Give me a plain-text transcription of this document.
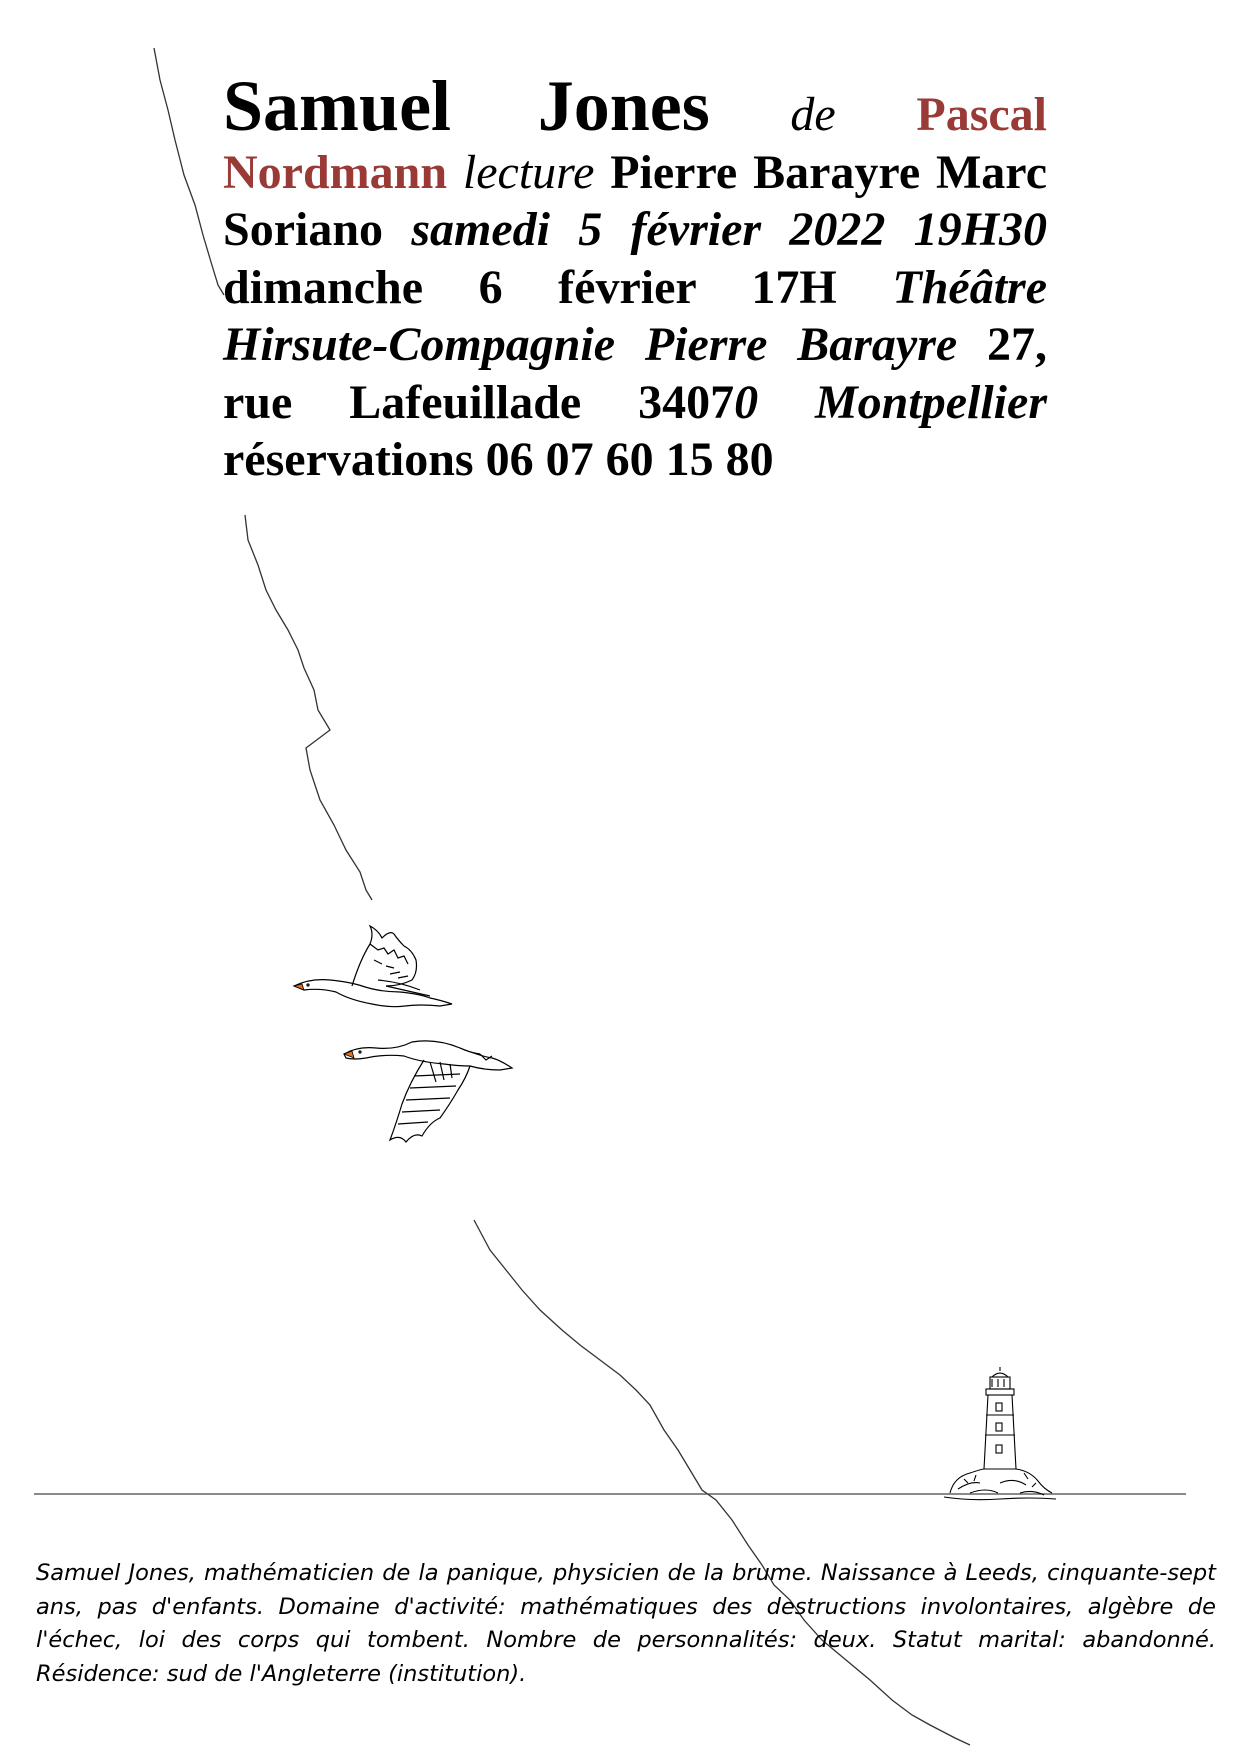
Samuel Jones de Pascal Nordmann lecture Pierre Barayre Marc Soriano samedi 5 février 2022 19H30 dimanche 6 février 17H Théâtre Hirsute-Compagnie Pierre Barayre 27, rue Lafeuillade 34070 Montpellier réservations 06 07 60 15 80
Samuel Jones, mathématicien de la panique, physicien de la brume. Naissance à Leeds, cinquante-sept ans, pas d'enfants. Domaine d'activité: mathématiques des destructions involontaires, algèbre de l'échec, loi des corps qui tombent. Nombre de personnalités: deux. Statut marital: abandonné. Résidence: sud de l'Angleterre (institution).
